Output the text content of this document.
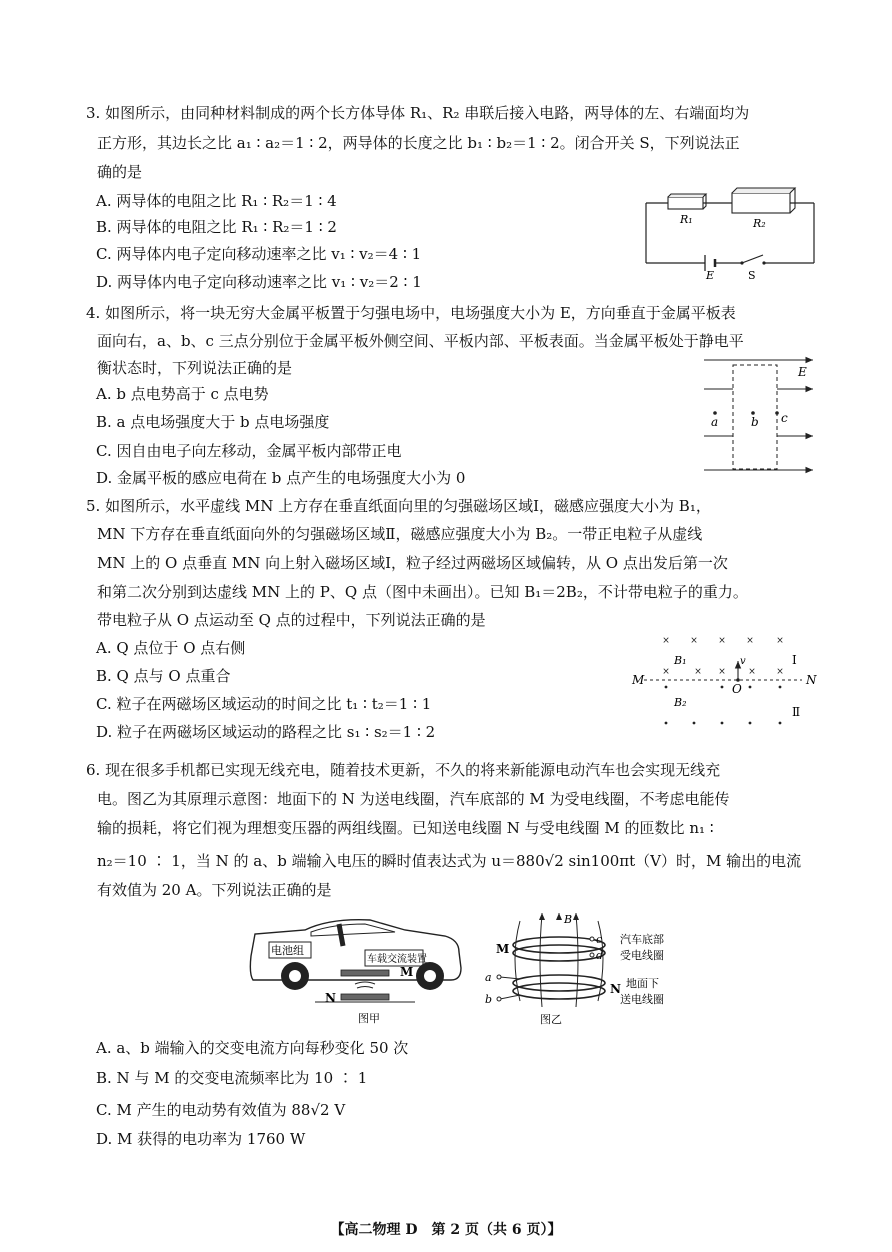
3. 如图所示，由同种材料制成的两个长方体导体 R₁、R₂ 串联后接入电路，两导体的左、右端面均为
正方形，其边长之比 a₁ ∶ a₂＝1 ∶ 2，两导体的长度之比 b₁ ∶ b₂＝1 ∶ 2。闭合开关 S，下列说法正
确的是
A. 两导体的电阻之比 R₁ ∶ R₂＝1 ∶ 4
B. 两导体的电阻之比 R₁ ∶ R₂＝1 ∶ 2
C. 两导体内电子定向移动速率之比 v₁ ∶ v₂＝4 ∶ 1
D. 两导体内电子定向移动速率之比 v₁ ∶ v₂＝2 ∶ 1
R₁	R₂
E	S
4. 如图所示，将一块无穷大金属平板置于匀强电场中，电场强度大小为 E，方向垂直于金属平板表
面向右，a、b、c 三点分别位于金属平板外侧空间、平板内部、平板表面。当金属平板处于静电平
衡状态时，下列说法正确的是
A. b 点电势高于 c 点电势
B. a 点电场强度大于 b 点电场强度
C. 因自由电子向左移动，金属平板内部带正电
D. 金属平板的感应电荷在 b 点产生的电场强度大小为 0
E
a	b c
5. 如图所示，水平虚线 MN 上方存在垂直纸面向里的匀强磁场区域Ⅰ，磁感应强度大小为 B₁，
MN 下方存在垂直纸面向外的匀强磁场区域Ⅱ，磁感应强度大小为 B₂。一带正电粒子从虚线
MN 上的 O 点垂直 MN 向上射入磁场区域Ⅰ，粒子经过两磁场区域偏转，从 O 点出发后第一次
和第二次分别到达虚线 MN 上的 P、Q 点（图中未画出）。已知 B₁＝2B₂，不计带电粒子的重力。
带电粒子从 O 点运动至 Q 点的过程中，下列说法正确的是
A. Q 点位于 O 点右侧
B. Q 点与 O 点重合
C. 粒子在两磁场区域运动的时间之比 t₁ ∶ t₂＝1 ∶ 1
D. 粒子在两磁场区域运动的路程之比 s₁ ∶ s₂＝1 ∶ 2
× × × × ×
×	× × × ×
M	N
O
v
B₁
B₂
Ⅰ
Ⅱ
6. 现在很多手机都已实现无线充电，随着技术更新，不久的将来新能源电动汽车也会实现无线充
电。图乙为其原理示意图：地面下的 N 为送电线圈，汽车底部的 M 为受电线圈，不考虑电能传
输的损耗，将它们视为理想变压器的两组线圈。已知送电线圈 N 与受电线圈 M 的匝数比 n₁ ∶
n₂＝10 ∶ 1，当 N 的 a、b 端输入电压的瞬时值表达式为 u＝880√2 sin100πt（V）时，M 输出的电流
有效值为 20 A。下列说法正确的是
电池组
车载交流装置
M
N
图甲
B
M
N
c
d
a
b
汽车底部
受电线圈
地面下
送电线圈
图乙
A. a、b 端输入的交变电流方向每秒变化 50 次
B. N 与 M 的交变电流频率比为 10 ∶ 1
C. M 产生的电动势有效值为 88√2 V
D. M 获得的电功率为 1760 W
【高二物理 D　第 2 页（共 6 页）】
